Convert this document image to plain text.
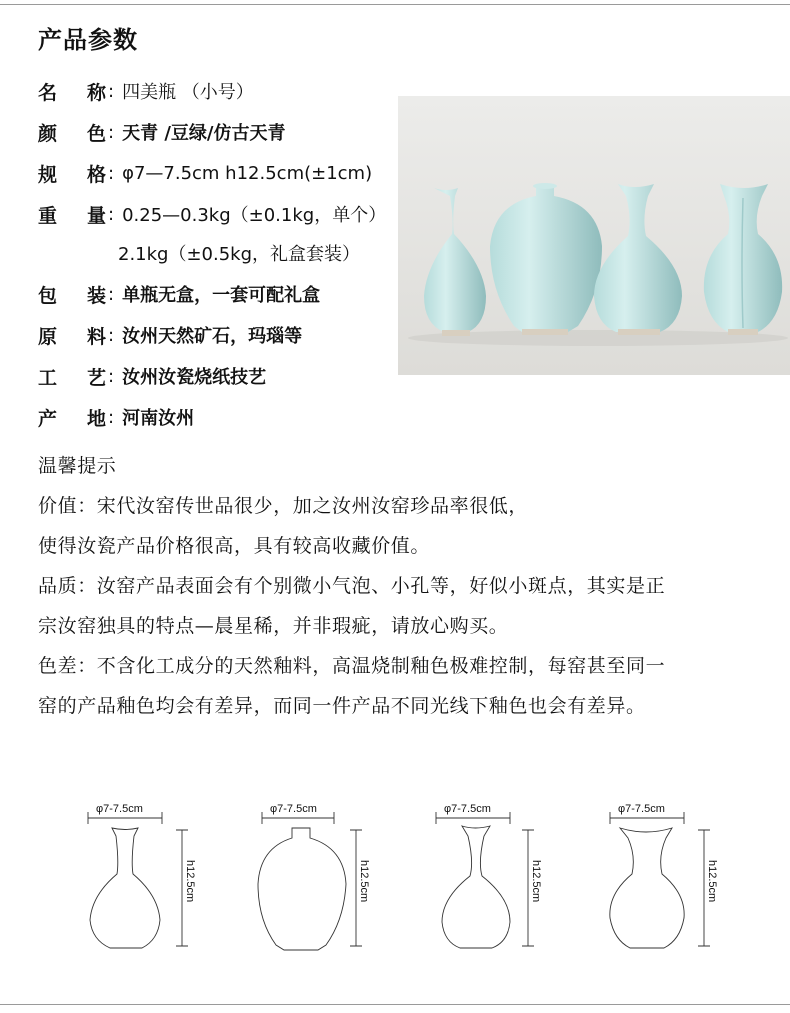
产品参数
名 称 : 四美瓶 （小号）
颜 色 : 天青 /豆绿/仿古天青
规 格 : φ7—7.5cm h12.5cm(±1cm)
重 量 : 0.25—0.3kg（±0.1kg，单个）
2.1kg（±0.5kg，礼盒套装）
包 装 : 单瓶无盒，一套可配礼盒
原 料 : 汝州天然矿石，玛瑙等
工 艺 : 汝州汝瓷烧纸技艺
产 地 : 河南汝州

温馨提示

价值：宋代汝窑传世品很少，加之汝州汝窑珍品率很低，

使得汝瓷产品价格很高，具有较高收藏价值。

品质：汝窑产品表面会有个别微小气泡、小孔等，好似小斑点，其实是正

宗汝窑独具的特点—晨星稀，并非瑕疵，请放心购买。

色差：不含化工成分的天然釉料，高温烧制釉色极难控制，每窑甚至同一

窑的产品釉色均会有差异，而同一件产品不同光线下釉色也会有差异。

φ7-7.5cm	φ7-7.5cm	φ7-7.5cm	φ7-7.5cm
h12.5cm	h12.5cm	h12.5cm	h12.5cm
